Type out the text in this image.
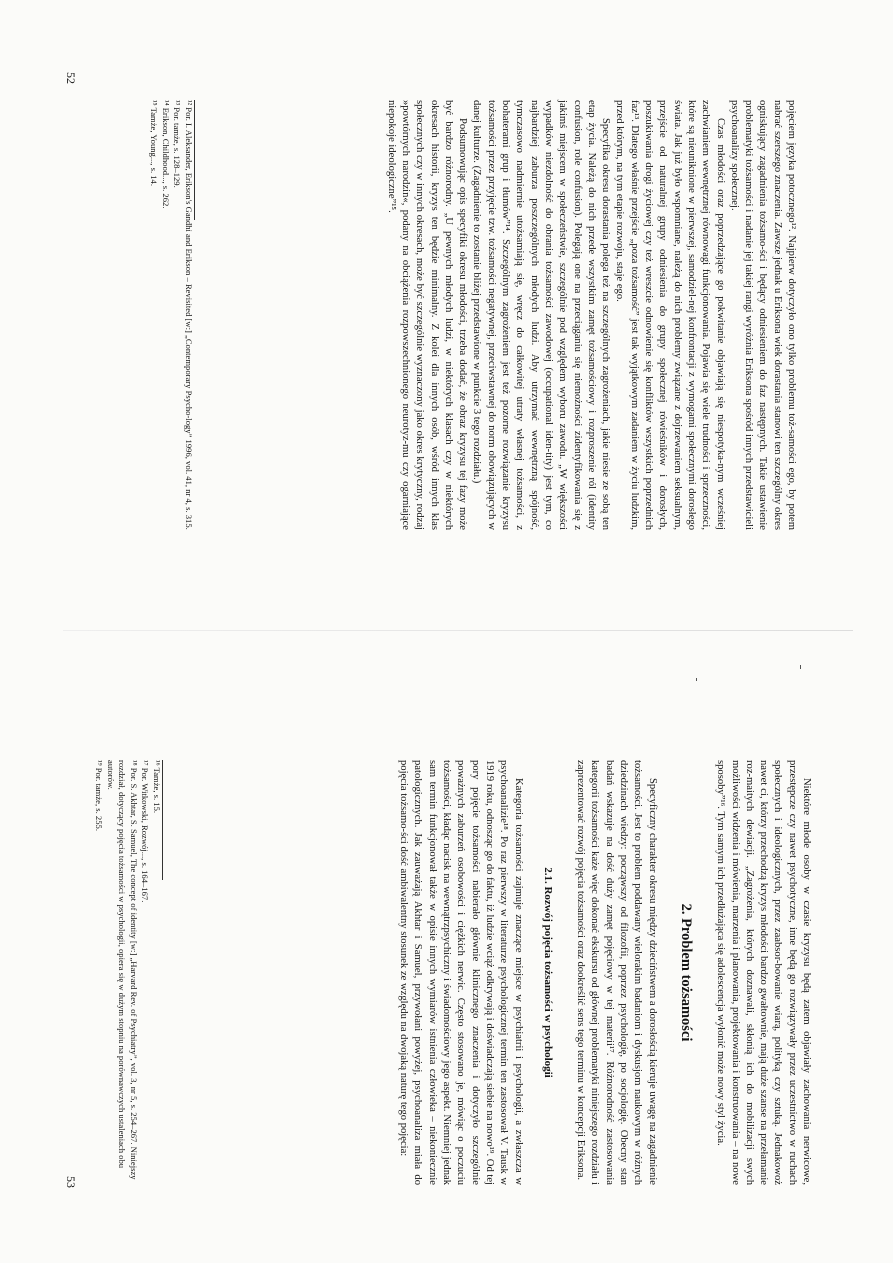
pojęciem języka potocznego¹². Najpierw dotyczyło ono tylko problemu toż-samości ego, by potem nabrać szerszego znaczenia. Zawsze jednak u Eriksona wiek dorastania stanowi ten szczególny okres ogniskujący zagadnienia tożsamo-ści i będący odniesieniem do faz następnych. Takie ustawienie problematyki tożsamości i nadanie jej takiej rangi wyróżnia Eriksona spośród innych przedstawicieli psychoanalizy społecznej.

Czas młodości oraz poprzedzające go pokwitanie objawiają się niespotyka-nym wcześniej zachwianiem wewnętrznej równowagi funkcjonowania. Pojawia się wiele trudności i sprzeczności, które są nieuniknione w pierwszej, samodziel-nej konfrontacji z wymogami społecznymi dorosłego świata. Jak już było wspomniane, należą do nich problemy związane z dojrzewaniem seksualnym, przejście od naturalnej grupy odniesienia do grupy społecznej rówieśników i dorosłych, poszukiwania drogi życiowej czy też wreszcie odnowienie się konfliktów wszystkich poprzednich faz¹³. Dlatego właśnie przejście „poza tożsamość” jest tak wyjątkowym zadaniem w życiu ludzkim, przed którym, na tym etapie rozwoju, staje ego.

Specyfika okresu dorastania polega też na szczególnych zagrożeniach, jakie niesie ze sobą ten etap życia. Należą do nich przede wszystkim zamęt tożsamościowy i rozproszenie ról (identity confusion, role confusion). Polegają one na przeciąganiu się niemożności zidentyfikowania się z jakimś miejscem w społeczeństwie, szczególnie pod względem wyboru zawodu. „W większości wypadków niezdolność do obrania tożsamości zawodowej (occupational iden-tity) jest tym, co najbardziej zaburza poszczególnych młodych ludzi. Aby utrzymać wewnętrzną spójność, tymczasowo nadmiernie utożsamiają się, wręcz do całkowitej utraty własnej tożsamości, z bohaterami grup i tłumów”¹⁴. Szczególnym zagrożeniem jest też pozorne rozwiązanie kryzysu tożsamości przez przyjęcie tzw. tożsamości negatywnej, przeciwstawnej do norm obowiązujących w danej kulturze. (Zagadnienie to zostanie bliżej przedstawione w punkcie 3 tego rozdziału.)

Podsumowując opis specyfiki okresu młodości, trzeba dodać, że obraz kryzysu tej fazy może być bardzo różnorodny. „U pewnych młodych ludzi, w niektórych klasach czy w niektórych okresach historii, kryzys ten będzie minimalny. Z kolei dla innych osób, wśród innych klas społecznych czy w innych okresach, może być szczególnie wyznaczony jako okres krytyczny, rodzaj »powtórnych narodzin«, podany na obciążenia rozpowszechnionego neurotyz-mu czy ogarniające niepokoje ideologiczne”¹⁵.

¹² Por. I. Aleksander, Erikson's Gandhi and Erikson – Revisited [w:] „Contemporary Psycho-logy” 1996, vol. 41, nr 4, s. 315.
¹³ Por. tamże, s. 128–129.
¹⁴ Erikson, Childhood..., s. 262.
¹⁵ Tamże, Young..., s. 14.
52

Niektóre młode osoby w czasie kryzysu będą zatem objawiały zachowania nerwicowe, przestępcze czy nawet psychotyczne, inne będą go rozwiązywały przez uczestnictwo w ruchach społecznych i ideologicznych, przez zaabsor-bowanie wiarą, polityką czy sztuką. Jednakowoż nawet ci, którzy przechodzą kryzys młodości bardzo gwałtownie, mają duże szanse na przełamanie roz-maitych dewiacji. „Zagrożenia, których doznawali, skłonią ich do mobilizacji swych możliwości widzenia i mówienia, marzenia i planowania, projektowania i konstruowania – na nowe sposoby”¹⁶. Tym samym ich przedłużająca się adolescencja wyłonić może nowy styl życia.

2. Problem tożsamości

Specyficzny charakter okresu między dzieciństwem a dorosłością kieruje uwagę na zagadnienie tożsamości. Jest to problem poddawany wielorakim badaniom i dyskusjom naukowym w różnych dziedzinach wiedzy: począwszy od filozofii, poprzez psychologię, po socjologię. Obecny stan badań wskazuje na dość duży zamęt pojęciowy w tej materii¹⁷. Różnorodność zastosowania kategorii tożsamości każe więc dokonać ekskursu od głównej problematyki niniejszego rozdziału i zaprezentować rozwój pojęcia tożsamości oraz dookreślić sens tego terminu w koncepcji Eriksona.

2.1. Rozwój pojęcia tożsamości w psychologii

Kategoria tożsamości zajmuje znaczące miejsce w psychiatrii i psychologii, a zwłaszcza w psychoanalizie¹⁸. Po raz pierwszy w literaturze psychologicznej termin ten zastosował V. Tausk w 1919 roku, odnosząc go do faktu, iż ludzie wciąż odkrywają i doświadczają siebie na nowo¹⁹. Od tej pory pojęcie tożsamości nabierało głównie klinicznego znaczenia i dotyczyło szczególnie poważnych zaburzeń osobowości i ciężkich nerwic. Często stosowano je, mówiąc o poczuciu tożsamości, kładąc nacisk na wewnątrzpsychiczny i świadomościowy jego aspekt. Niemniej jednak sam termin funkcjonował także w opisie innych wymiarów istnienia człowieka – niekoniecznie patologicznych. Jak zauważają Akhtar i Samuel, przywołani powyżej, psychoanaliza miała do pojęcia tożsamo-ści dość ambiwalentny stosunek ze względu na dwojaką naturę tego pojęcia:

¹⁶ Tamże, s. 15.
¹⁷ Por. Witkowski, Rozwój..., s. 164–167.
¹⁸ Por. S. Akhtar, S. Samuel, The concept of identity [w:] „Harvard Rev. of Psychiatry”, vol. 3, nr 5, s. 254–267. Niniejszy rozdział, dotyczący pojęcia tożsamości w psychologii, opiera się w dużym stopniu na porównawczych ustaleniach obu autorów.
¹⁹ Por. tamże, s. 255.
53
